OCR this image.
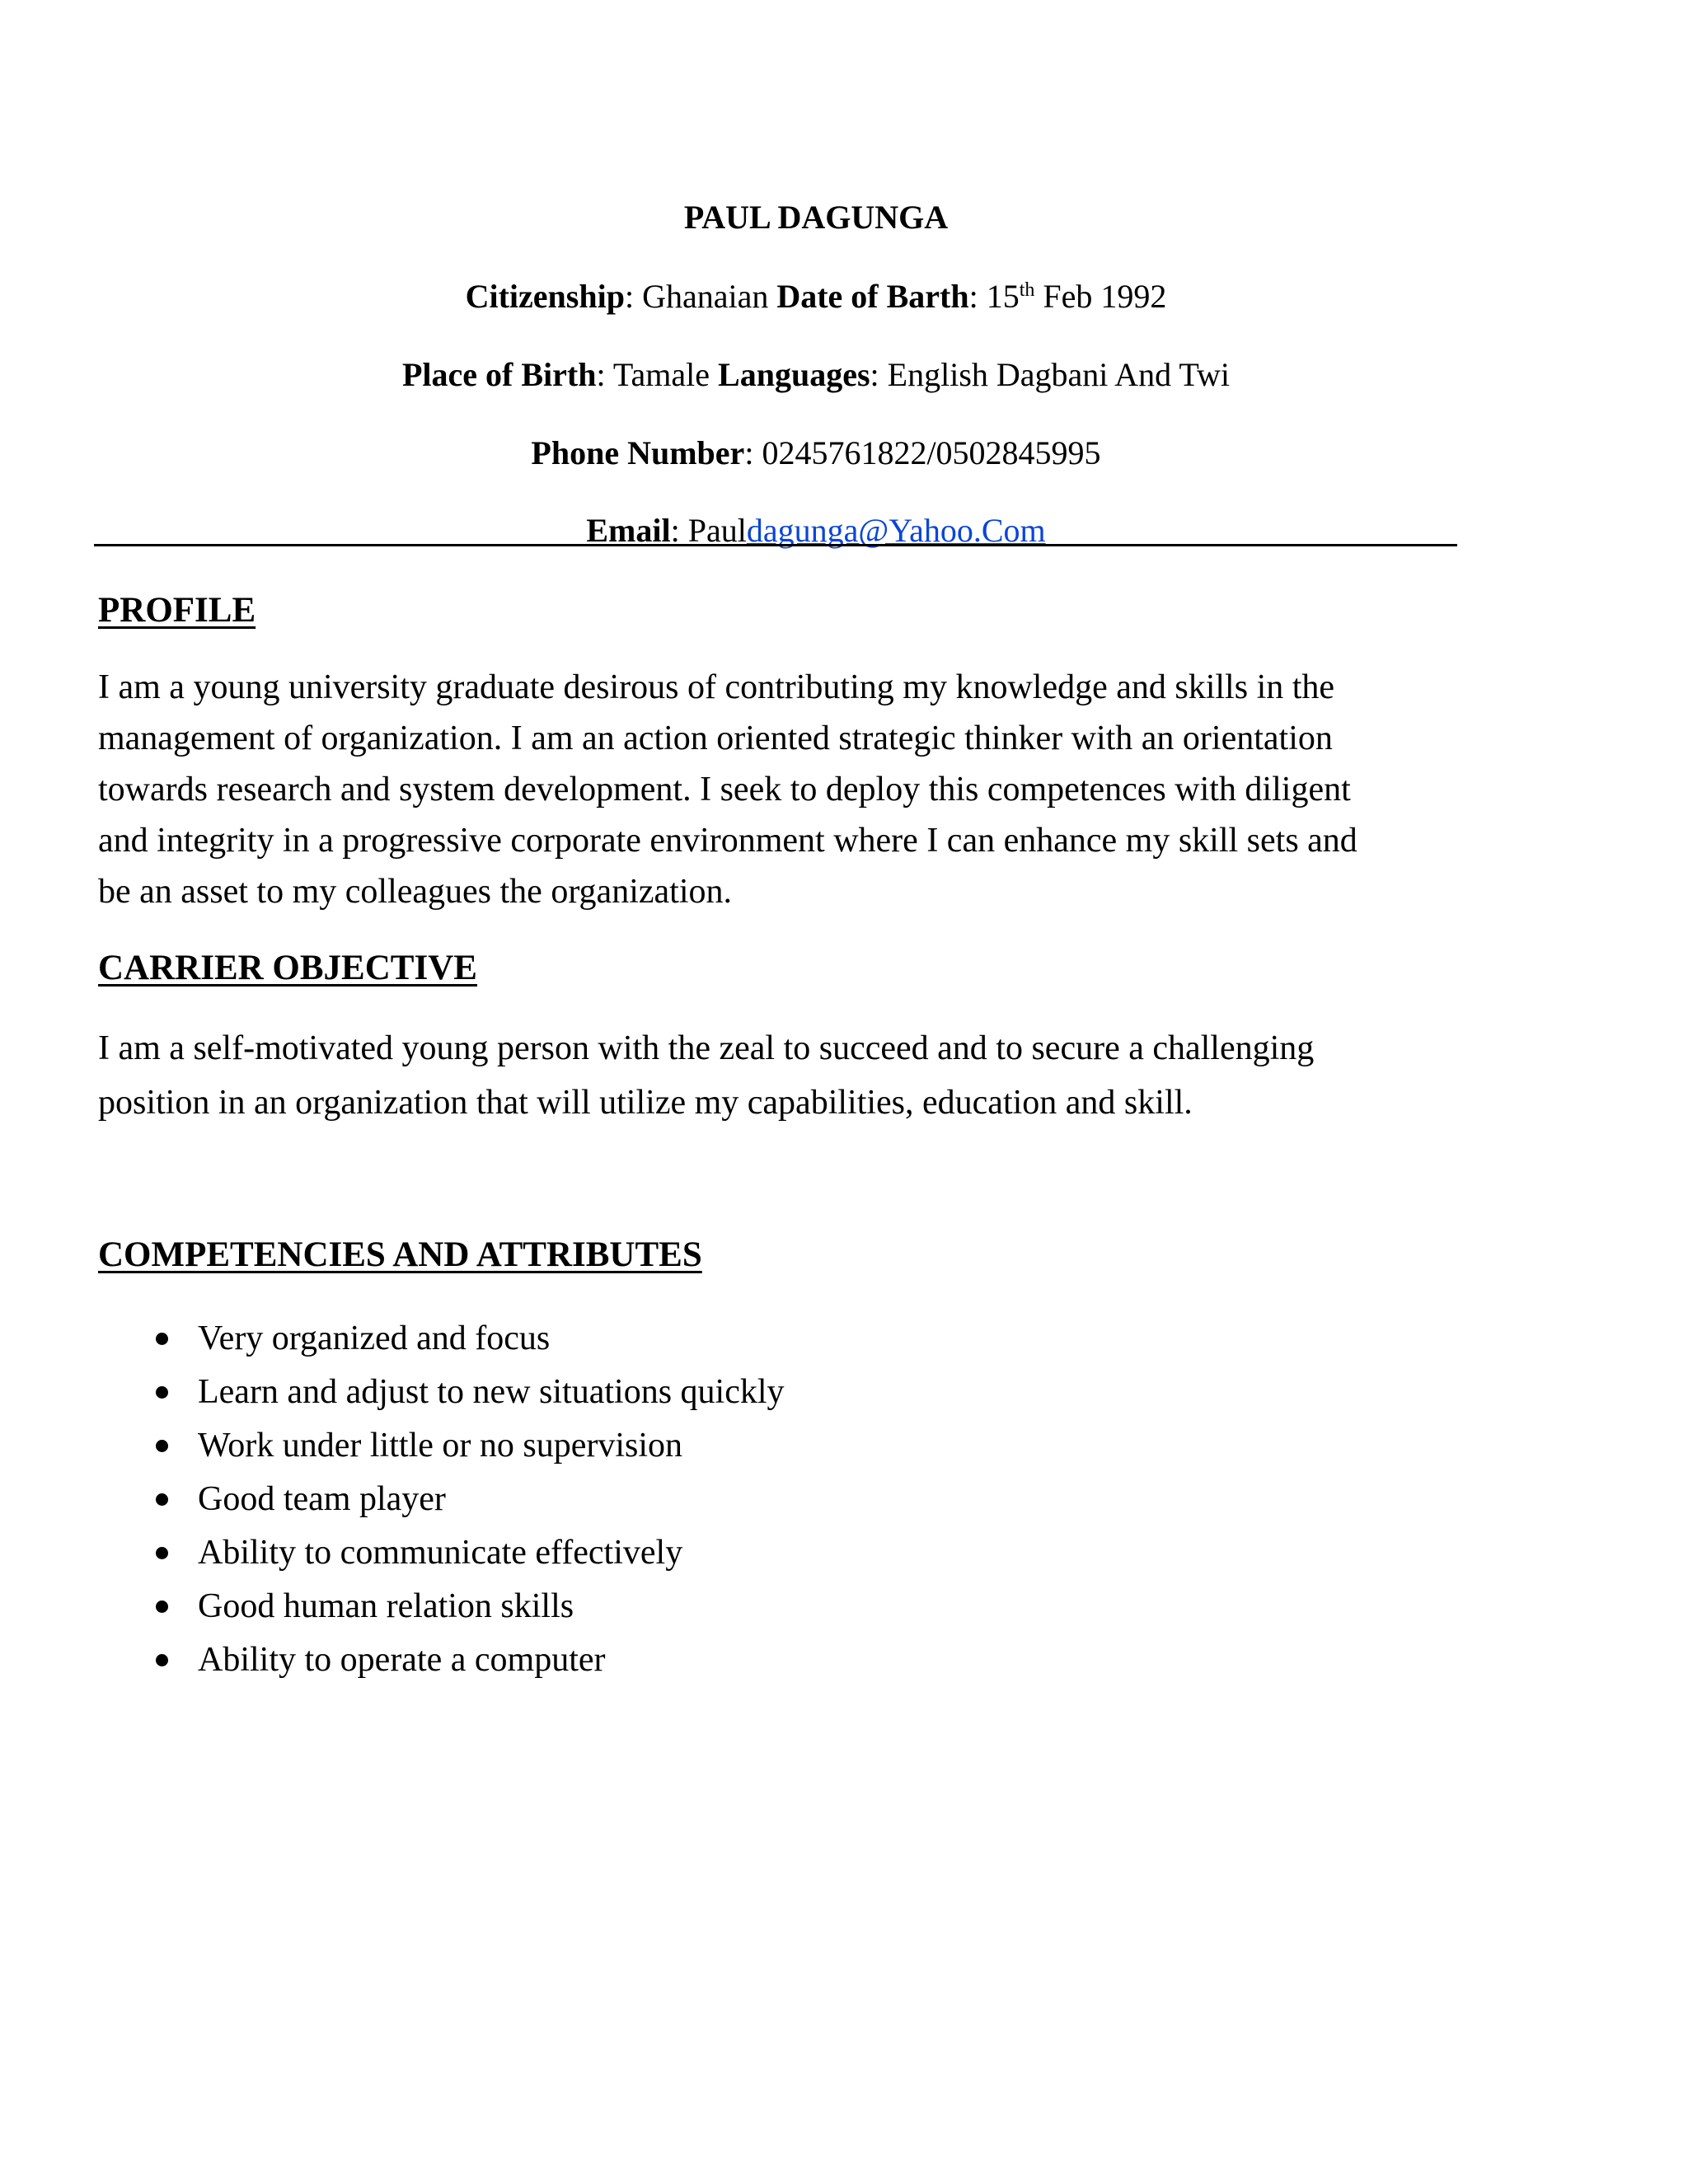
PAUL DAGUNGA
Citizenship: Ghanaian Date of Barth: 15th Feb 1992
Place of Birth: Tamale Languages: English Dagbani And Twi
Phone Number: 0245761822/0502845995
Email: Pauldagunga@Yahoo.Com
PROFILE

I am a young university graduate desirous of contributing my knowledge and skills in the
management of organization. I am an action oriented strategic thinker with an orientation
towards research and system development. I seek to deploy this competences with diligent
and integrity in a progressive corporate environment where I can enhance my skill sets and
be an asset to my colleagues the organization.

CARRIER OBJECTIVE

I am a self-motivated young person with the zeal to succeed and to secure a challenging
position in an organization that will utilize my capabilities, education and skill.

COMPETENCIES AND ATTRIBUTES
Very organized and focus
Learn and adjust to new situations quickly
Work under little or no supervision
Good team player
Ability to communicate effectively
Good human relation skills
Ability to operate a computer
